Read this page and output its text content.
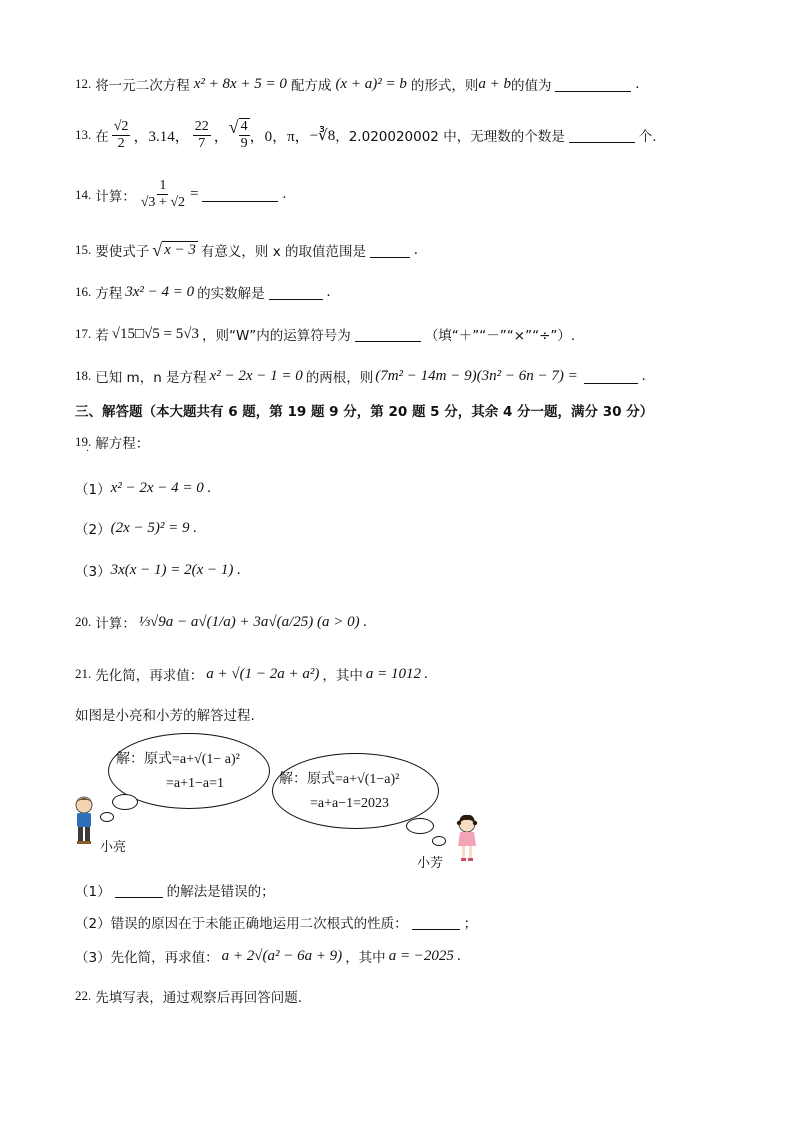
12. 将一元二次方程 x² + 8x + 5 = 0 配方成 (x + a)² = b 的形式，则 a + b 的值为	.
13. 在 $\frac{√2}{2}$ ，3.14， $\frac{22}{7}$ ， √ $\frac{4}{9}$ ，0，π， −∛8 ，2.020020002 中，无理数的个数是	个.
14. 计算： $\frac{1}{√3 + √2}$ =	.
15. 要使式子 √ x − 3 有意义，则 x 的取值范围是	.
16. 方程 3x² − 4 = 0 的实数解是	.
17. 若 √15□√5 = 5√3 ，则“W”内的运算符号为	（填“＋”“－”“×”“÷”）.
18. 已知 m，n 是方程 x² − 2x − 1 = 0 的两根，则 (7m² − 14m − 9)(3n² − 6n − 7) =	.
三、解答题（本大题共有 6 题，第 19 题 9 分，第 20 题 5 分，其余 4 分一题，满分 30 分）
19. 解方程：
·
（1） x² − 2x − 4 = 0 .
（2） (2x − 5)² = 9 .
（3） 3x(x − 1) = 2(x − 1) .
20. 计算： ⅓√9a − a√(1/a) + 3a√(a/25) (a > 0) .
21. 先化简，再求值： a + √(1 − 2a + a²) ，其中 a = 1012 .
如图是小亮和小芳的解答过程.
解：原式=a+√(1− a)²
=a+1−a=1	解：原式=a+√(1−a)²
=a+a−1=2023
小亮
小芳
（1）	的解法是错误的；
（2） 错误的原因在于未能正确地运用二次根式的性质：	；
（3） 先化简，再求值： a + 2√(a² − 6a + 9) ，其中 a = −2025 .
22. 先填写表，通过观察后再回答问题.
